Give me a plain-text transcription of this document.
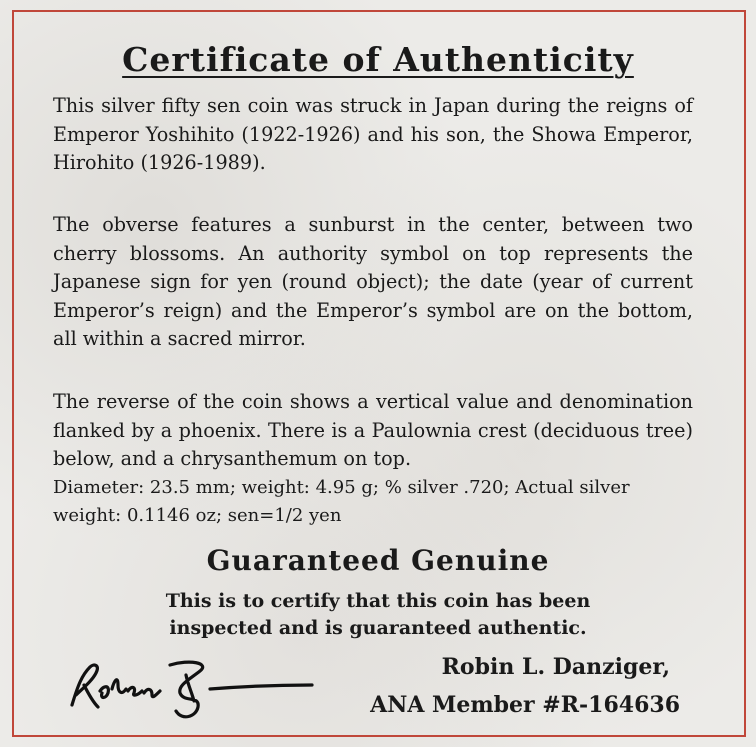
Certificate of Authenticity
This silver fifty sen coin was struck in Japan during the reigns of Emperor Yoshihito (1922-1926) and his son, the Showa Emperor, Hirohito (1926-1989).
The obverse features a sunburst in the center, between two cherry blossoms. An authority symbol on top represents the Japanese sign for yen (round object); the date (year of current Emperor’s reign) and the Emperor’s symbol are on the bottom, all within a sacred mirror.
The reverse of the coin shows a vertical value and denomination flanked by a phoenix. There is a Paulownia crest (deciduous tree) below, and a chrysanthemum on top.
Diameter: 23.5 mm; weight: 4.95 g; % silver .720; Actual silver
weight: 0.1146 oz; sen=1/2 yen
Guaranteed Genuine
This is to certify that this coin has been
inspected and is guaranteed authentic.
Robin L. Danziger,
ANA Member #R-164636
